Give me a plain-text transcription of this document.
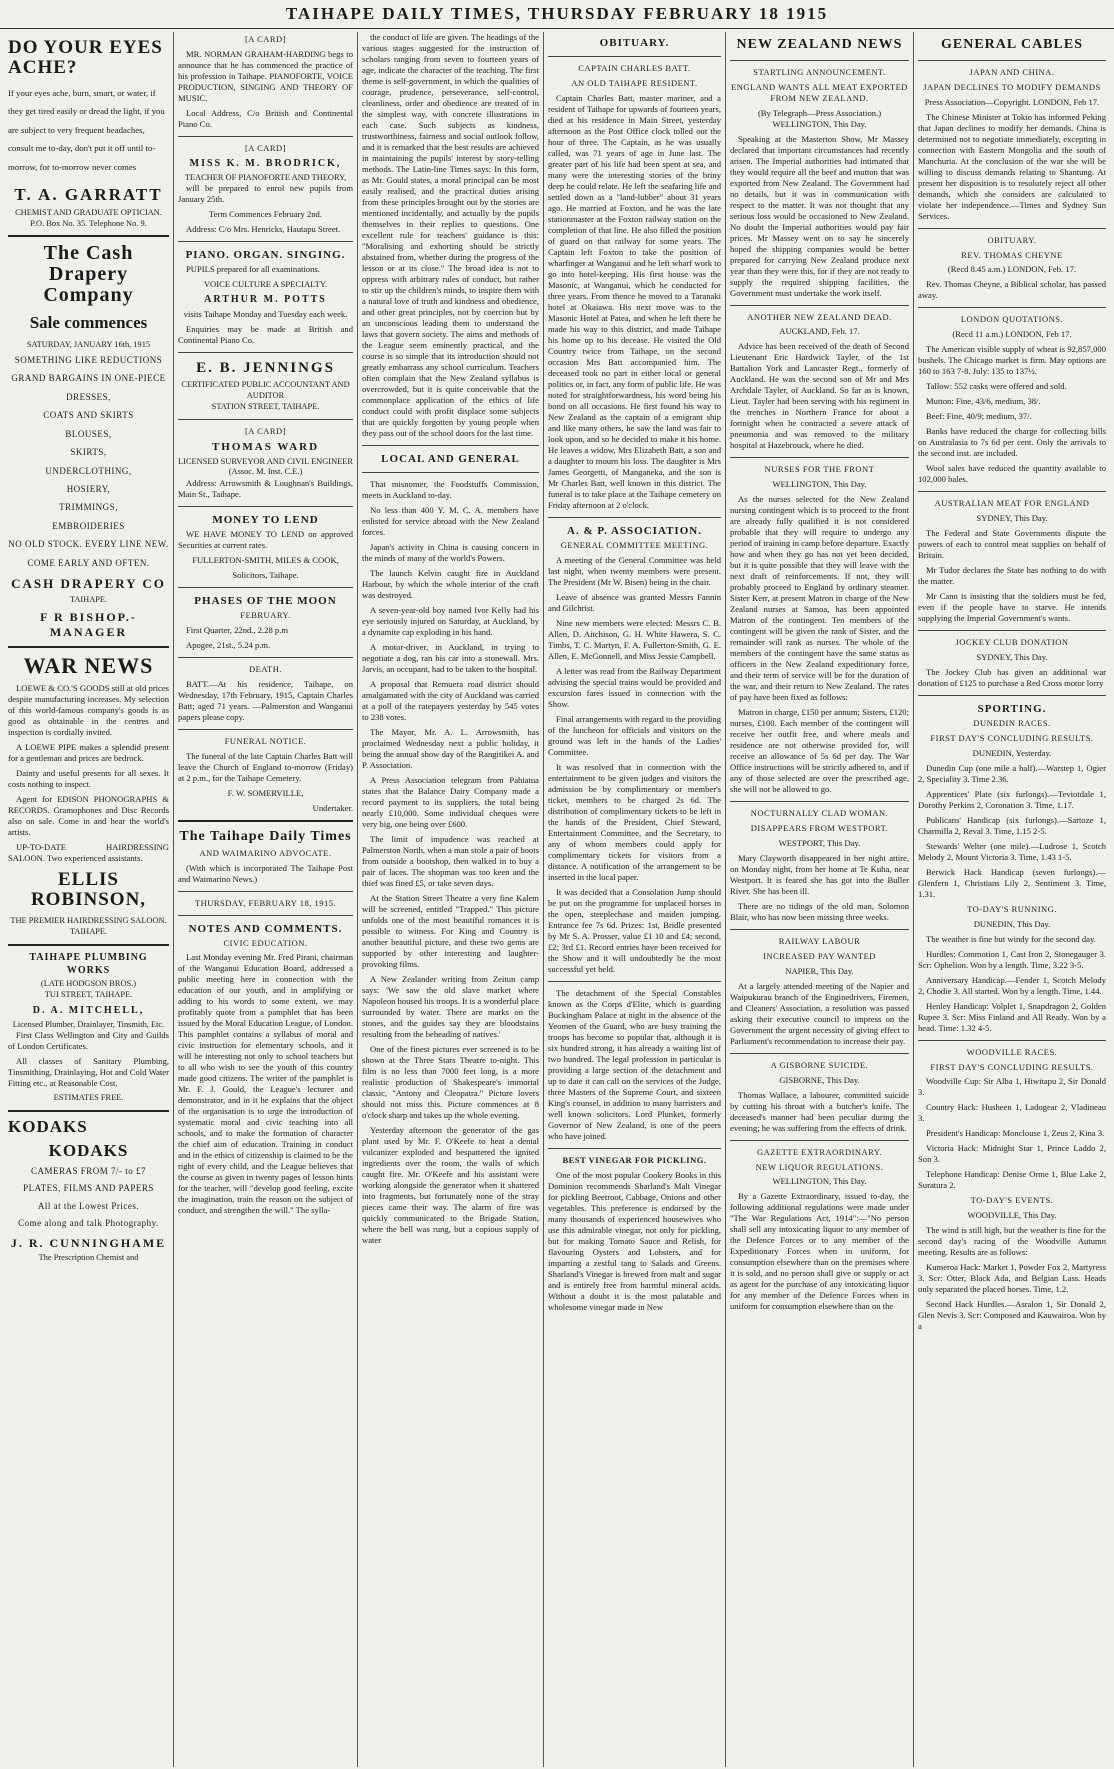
TAIHAPE DAILY TIMES, THURSDAY FEBRUARY 18 1915
DO YOUR EYES ACHE?
If your eyes ache, burn, smart, or water, if they get tired easily or dread the light, if you are subject to very frequent headaches, consult me to-day, don't put it off until to-morrow, for to-morrow never comes
T. A. GARRATT
CHEMIST AND GRADUATE OPTICIAN.
P.O. Box No. 35. Telephone No. 9.
The Cash Drapery Company
Sale commences
SATURDAY, JANUARY 16th, 1915
SOMETHING LIKE REDUCTIONS
GRAND BARGAINS IN ONE-PIECE DRESSES,
COATS AND SKIRTS
BLOUSES,
SKIRTS,
UNDERCLOTHING,
HOSIERY,
TRIMMINGS,
EMBROIDERIES
NO OLD STOCK. EVERY LINE NEW.
COME EARLY AND OFTEN.
CASH DRAPERY CO
TAIHAPE.
F R BISHOP.-MANAGER
WAR NEWS

LOEWE & CO.'S GOODS still at old prices despite manufacturing increases. My selection of this world-famous company's goods is as good as obtainable in the centres and inspection is cordially invited.

A LOEWE PIPE makes a splendid present for a gentleman and prices are bedrock.

Dainty and useful presents for all sexes. It costs nothing to inspect.

Agent for EDISON PHONOGRAPHS & RECORDS. Gramophones and Disc Records also on sale. Come in and hear the world's artists.

UP-TO-DATE HAIRDRESSING SALOON. Two experienced assistants.

ELLIS ROBINSON,
THE PREMIER HAIRDRESSING SALOON.
TAIHAPE.
TAIHAPE PLUMBING WORKS
(LATE HODGSON BROS.)
TUI STREET, TAIHAPE.
D. A. MITCHELL,
Licensed Plumber, Drainlayer, Tinsmith, Etc.

First Class Wellington and City and Guilds of London Certificates.

All classes of Sanitary Plumbing, Tinsmithing, Drainlaying, Hot and Cold Water Fitting etc., at Reasonable Cost.

ESTIMATES FREE.
KODAKS
KODAKS
CAMERAS FROM 7/- to £7
PLATES, FILMS AND PAPERS
All at the Lowest Prices.
Come along and talk Photography.
J. R. CUNNINGHAME
The Prescription Chemist and
[A CARD]

MR. NORMAN GRAHAM-HARDING begs to announce that he has commenced the practice of his profession in Taihape. PIANOFORTE, VOICE PRODUCTION, SINGING AND THEORY OF MUSIC.

Local Address, C/o British and Continental Piano Co.

[A CARD]
MISS K. M. BRODRICK,
TEACHER OF PIANOFORTE AND THEORY,

will be prepared to enrol new pupils from January 25th.

Term Commences February 2nd.

Address: C/o Mrs. Henricks, Hautapu Street.

PIANO. ORGAN. SINGING.

PUPILS prepared for all examinations.

VOICE CULTURE A SPECIALTY.

ARTHUR M. POTTS

visits Taihape Monday and Tuesday each week.

Enquiries may be made at British and Continental Piano Co.

E. B. JENNINGS
CERTIFICATED PUBLIC ACCOUNTANT AND AUDITOR
STATION STREET, TAIHAPE.
[A CARD]
THOMAS WARD
LICENSED SURVEYOR AND CIVIL ENGINEER
(Assoc. M. Inst. C.E.)

Address: Arrowsmith & Loughnan's Buildings, Main St., Taihape.

MONEY TO LEND

WE HAVE MONEY TO LEND on approved Securities at current rates.

FULLERTON-SMITH, MILES & COOK,

Solicitors, Taihape.

PHASES OF THE MOON
FEBRUARY.

First Quarter, 22nd., 2.28 p.m

Apogee, 21st., 5.24 p.m.

DEATH.

BATT.—At his residence, Taihape, on Wednesday, 17th February, 1915, Captain Charles Batt; aged 71 years. —Palmerston and Wanganui papers please copy.

FUNERAL NOTICE.

The funeral of the late Captain Charles Batt will leave the Church of England to-morrow (Friday) at 2 p.m., for the Taihape Cemetery.

F. W. SOMERVILLE,

Undertaker.

The Taihape Daily Times
AND WAIMARINO ADVOCATE.

(With which is incorporated The Taihape Post and Waimarino News.)

THURSDAY, FEBRUARY 18, 1915.
NOTES AND COMMENTS.
CIVIC EDUCATION.

Last Monday evening Mr. Fred Pirani, chairman of the Wanganui Education Board, addressed a public meeting here in connection with the education of our youth, and in amplifying or adding to his words to some extent, we may profitably quote from a pamphlet that has been issued by the Moral Education League, of London. This pamphlet contains a syllabus of moral and civic instruction for elementary schools, and it will be interesting not only to school teachers but to all who wish to see the youth of this country made good citizens. The writer of the pamphlet is Mr. F. J. Gould, the League's lecturer and demonstrator, and in it he explains that the object of the organisation is to urge the introduction of systematic moral and civic teaching into all schools, and to make the formation of character the chief aim of education. Training in conduct and in the ethics of citizenship is claimed to be the right of every child, and the League believes that the course as given in twenty pages of lesson hints for the teacher, will "develop good feeling, excite the imagination, train the reason on the subject of conduct, and strengthen the will." The sylla-

the conduct of life are given. The headings of the various stages suggested for the instruction of scholars ranging from seven to fourteen years of age, indicate the character of the teaching. The first theme is self-government, in which the qualities of courage, prudence, perseverance, self-control, cleanliness, order and obedience are treated of in the simplest way, with concrete illustrations in each case. Such subjects as kindness, trustworthiness, fairness and social outlook follow, and it is remarked that the best results are achieved in maintaining the pupils' interest by story-telling methods. The Latin-line Times says: In this form, as Mr. Gould states, a moral principal can be most easily realised, and the practical duties arising from these principles brought out by the stories are mentioned incidentally, and actually by the pupils themselves in their replies to questions. One excellent rule for teachers' guidance is this: "Moralising and exhorting should be strictly abstained from, whether during the progress of the lesson or at its close." The broad idea is not to oppress with arbitrary rules of conduct, but rather to stir up the children's minds, to inspire them with a natural love of truth and kindness and obedience, and other great principles, not by coercion but by an unconscious leading them to understand the laws that govern society. The aims and methods of the League seem eminently practical, and the course is so simple that its introduction should not greatly embarrass any school curriculum. Teachers often complain that the New Zealand syllabus is overcrowded, but it is quite conceivable that the commonplace application of the ethics of life conduct could with profit displace some subjects that are quickly forgotten by young people when they pass out of the school doors for the last time.

LOCAL AND GENERAL

That misnomer, the Foodstuffs Commission, meets in Auckland to-day.

No less than 400 Y. M. C. A. members have enlisted for service abroad with the New Zealand forces.

Japan's activity in China is causing concern in the minds of many of the world's Powers.

The launch Kelvin caught fire in Auckland Harbour, by which the whole interior of the craft was destroyed.

A seven-year-old boy named Ivor Kelly had his eye seriously injured on Saturday, at Auckland, by a dynamite cap exploding in his hand.

A motor-driver, in Auckland, in trying to negotiate a dog, ran his car into a stonewall. Mrs. Jarvis, an occupant, had to be taken to the hospital.

A proposal that Remuera road district should amalgamated with the city of Auckland was carried at a poll of the ratepayers yesterday by 545 votes to 238 votes.

The Mayor, Mr. A. L. Arrowsmith, has proclaimed Wednesday next a public holiday, it being the annual show day of the Rangitikei A. and P. Association.

A Press Association telegram from Pahiatua states that the Balance Dairy Company made a record payment to its suppliers, the total being nearly £10,000. Some individual cheques were very big, one being over £600.

The limit of impudence was reached at Palmerston North, when a man stole a pair of boots from outside a bootshop, then walked in to buy a pair of laces. The shopman was too keen and the thief was fined £5, or take seven days.

At the Station Street Theatre a very fine Kalem will be screened, entitled "Trapped." This picture unfolds one of the most beautiful romances it is possible to witness. For King and Country is another beautiful picture, and these two gems are supported by other interesting and laughter-provoking films.

A New Zealander writing from Zeitun camp says: 'We saw the old slave market where Napoleon housed his troops. It is a wonderful place surrounded by water. There are marks on the stones, and the guides say they are bloodstains resulting from the beheading of natives.'

One of the finest pictures ever screened is to be shown at the Three Stars Theatre to-night. This film is no less than 7000 feet long, is a more realistic production of Shakespeare's immortal classic, "Antony and Cleopatra." Picture lovers should not miss this. Picture commences at 8 o'clock sharp and takes up the whole evening.

Yesterday afternoon the generator of the gas plant used by Mr. F. O'Keefe to heat a dental vulcanizer exploded and bespattered the ignited ingredients over the room, the walls of which caught fire. Mr. O'Keefe and his assistant were working alongside the generator when it shattered into fragments, but fortunately none of the stray pieces came their way. The alarm of fire was quickly communicated to the Brigade Station, where the bell was rung, but a copious supply of water

OBITUARY.
CAPTAIN CHARLES BATT.
AN OLD TAIHAPE RESIDENT.

Captain Charles Batt, master mariner, and a resident of Taihape for upwards of fourteen years, died at his residence in Main Street, yesterday afternoon as the Post Office clock tolled out the hour of three. The Captain, as he was usually called, was 71 years of age in June last. The greater part of his life had been spent at sea, and many were the interesting stories of the briny deep he could relate. He left the seafaring life and settled down as a "land-lubber" about 31 years ago. He married at Foxton, and he was the late stationmaster at the Foxton railway station on the completion of that line. He also filled the position of guard on that railway for some years. The Captain left Foxton to take the position of wharfinger at Wanganui and he left wharf work to go into hotel-keeping. His first house was the Masonic, at Wanganui, which he conducted for three years. From thence he moved to a Taranaki hotel at Okaiawa. His next move was to the Masonic Hotel at Patea, and when he left there he made his way to this district, and made Taihape his home up to his decease. He visited the Old Country twice from Taihape, on the second occasion Mrs Batt accompanied him. The deceased took no part in either local or general politics or, in fact, any form of public life. He was noted for straightforwardness, his word being his bond on all occasions. He first found his way to New Zealand as the captain of a emigrant ship and like many others, he saw the land was fair to look upon, and so he decided to make it his home. He leaves a widow, Mrs Elizabeth Batt, a son and a daughter to mourn his loss. The daughter is Mrs James Georgetti, of Manganeka, and the son is Mr Charles Batt, well known in this district. The funeral is to take place at the Taihape cemetery on Friday afternoon at 2 o'clock.

A. & P. ASSOCIATION.
GENERAL COMMITTEE MEETING.

A meeting of the General Committee was held last night, when twenty members were present. The President (Mr W. Bisen) being in the chair.

Leave of absence was granted Messrs Fannin and Gilchrist.

Nine new members were elected: Messrs C. B. Allen, D. Aitchison, G. H. White Hawera, S. C. Timbs, T. C. Martyn, F. A. Fullerton-Smith, G. E. Allen, E. McGonnell, and Miss Jessie Campbell.

A letter was read from the Railway Department advising the special trains would be provided and excursion fares issued in connection with the Show.

Final arrangements with regard to the providing of the luncheon for officials and visitors on the ground was left in the hands of the Ladies' Committee.

It was resolved that in connection with the entertainment to be given judges and visitors the admission be by complimentary or member's ticket, members to be charged 2s 6d. The distribution of complimentary tickets to be left in the hands of the President, Chief Steward, Entertainment Committee, and the Secretary, to any of whom members could apply for complimentary tickets for visitors from a distance. A notification of the arrangement to be inserted in the local paper.

It was decided that a Consolation Jump should be put on the programme for unplaced horses in the open, steeplechase and maiden jumping. Entrance fee 7s 6d. Prizes: 1st, Bridle presented by Mr S. A. Prosser, value £1 10 and £4; second, £2; 3rd £1. Record entries have been received for the Show and it will undoubtedly be the most successful yet held.

The detachment of the Special Constables known as the Corps d'Elite, which is guarding Buckingham Palace at night in the absence of the Yeomen of the Guard, who are busy training the troops has become so popular that, although it is six hundred strong, it has already a waiting list of two hundred. The legal profession in particular is providing a large section of the detachment and up to date it can call on the services of the Judge, three Masters of the Supreme Court, and sixteen King's counsel, in addition to many barristers and well known solicitors. Lord Plunket, formerly Governor of New Zealand, is one of the peers who have joined.

BEST VINEGAR FOR PICKLING.

One of the most popular Cookery Books in this Dominion recommends Sharland's Malt Vinegar for pickling Beetroot, Cabbage, Onions and other vegetables. This preference is endorsed by the many thousands of experienced housewives who use this admirable vinegar, not only for pickling, but for making Tomato Sauce and Relish, for flavouring Oysters and Lobsters, and for imparting a zestful tang to Salads and Greens. Sharland's Vinegar is brewed from malt and sugar and is entirely free from harmful mineral acids. Without a doubt it is the most palatable and wholesome vinegar made in New

NEW ZEALAND NEWS
STARTLING ANNOUNCEMENT.
ENGLAND WANTS ALL MEAT EXPORTED FROM NEW ZEALAND.

(By Telegraph—Press Association.) WELLINGTON, This Day.

Speaking at the Masterton Show, Mr Massey declared that important circumstances had recently arisen. The Imperial authorities had intimated that they would require all the beef and mutton that was exported from New Zealand. The Government had no details, but it was in communication with respect to the matter. It was not thought that any serious loss would be occasioned to New Zealand. No doubt the Imperial authorities would pay fair prices. Mr Massey went on to say he sincerely hoped the shipping companies would be better prepared for carrying New Zealand produce next year than they were this, for if they are not ready to supply the required shipping facilities, the Government must undertake the work itself.

ANOTHER NEW ZEALAND DEAD.

AUCKLAND, Feb. 17.

Advice has been received of the death of Second Lieutenant Eric Hardwick Tayler, of the 1st Battalion York and Lancaster Regt., formerly of Auckland. He was the second son of Mr and Mrs Archdale Tayler, of Auckland. So far as is known, Lieut. Tayler had been serving with his regiment in the trenches in Northern France for about a fortnight when he contracted a severe attack of pneumonia and was removed to the military hospital at Hazebrouck, where he died.

NURSES FOR THE FRONT

WELLINGTON, This Day.

As the nurses selected for the New Zealand nursing contingent which is to proceed to the front are already fully qualified it is not considered probable that they will require to undergo any period of training in camp before departure. Exactly how and when they go has not yet been decided, but it is quite possible that they will leave with the next draft of reinforcements. If not, they will probably proceed to England by ordinary steamer. Sister Kerr, at present Matron in charge of the New Zealand nurses at Samoa, has been appointed Matron of the contingent. Ten members of the contingent will be given the rank of Sister, and the remainder will rank as nurses. The whole of the members of the contingent have the same status as officers in the New Zealand expeditionary force, and their term of service will be for the duration of the war, and their return to New Zealand. The rates of pay have been fixed as follows:

Matron in charge, £150 per annum; Sisters, £120; nurses, £100. Each member of the contingent will receive her outfit free, and where meals and residence are not otherwise provided for, will receive an allowance of 5s 6d per day. The War Office instructions will be strictly adhered to, and if any of those selected are over the prescribed age, she will not be allowed to go.

NOCTURNALLY CLAD WOMAN.
DISAPPEARS FROM WESTPORT.

WESTPORT, This Day.

Mary Clayworth disappeared in her night attire, on Monday night, from her home at Te Kuha, near Westport. It is feared she has got into the Buller River. She has been ill.

There are no tidings of the old man, Solomon Blair, who has now been missing three weeks.

RAILWAY LABOUR
INCREASED PAY WANTED

NAPIER, This Day.

At a largely attended meeting of the Napier and Waipukurau branch of the Enginedrivers, Firemen, and Cleaners' Association, a resolution was passed asking their executive council to impress on the Government the urgent necessity of giving effect to Parliament's recommendation to increase their pay.

A GISBORNE SUICIDE.

GISBORNE, This Day.

Thomas Wallace, a labourer, committed suicide by cutting his throat with a butcher's knife. The deceased's manner had been peculiar during the evening; he was suffering from the effects of drink.

GAZETTE EXTRAORDINARY.
NEW LIQUOR REGULATIONS.

WELLINGTON, This Day.

By a Gazette Extraordinary, issued to-day, the following additional regulations were made under "The War Regulations Act, 1914":—"No person shall sell any intoxicating liquor to any member of the Defence Forces or to any member of the Expeditionary Forces when in uniform, for consumption elsewhere than on the premises where it is sold, and no person shall give or supply or act as agent for the purchase of any intoxicating liquor for any member of the Defence Forces when in uniform for consumption elsewhere than on the

GENERAL CABLES
JAPAN AND CHINA.
JAPAN DECLINES TO MODIFY DEMANDS

Press Association—Copyright. LONDON, Feb 17.

The Chinese Minister at Tokio has informed Peking that Japan declines to modify her demands. China is determined not to negotiate immediately, excepting in connection with Eastern Mongolia and the south of Manchuria. At the conclusion of the war she will be willing to discuss demands relating to Shantung. At present her disposition is to resolutely reject all other demands, which she considers are calculated to violate her independence.—Times and Sydney Sun Services.

OBITUARY.
REV. THOMAS CHEYNE

(Recd 8.45 a.m.) LONDON, Feb. 17.

Rev. Thomas Cheyne, a Biblical scholar, has passed away.

LONDON QUOTATIONS.

(Recd 11 a.m.) LONDON, Feb 17.

The American visible supply of wheat is 92,857,000 bushels. The Chicago market is firm. May options are 160 to 163 7-8. July: 135 to 137½.

Tallow: 552 casks were offered and sold.

Mutton: Fine, 43/6, medium, 38/.

Beef: Fine, 40/9; medium, 37/.

Banks have reduced the charge for collecting bills on Australasia to 7s 6d per cent. Only the arrivals to the second inst. are included.

Wool sales have reduced the quantity available to 102,000 bales.

AUSTRALIAN MEAT FOR ENGLAND

SYDNEY, This Day.

The Federal and State Governments dispute the powers of each to control meat supplies on behalf of Britain.

Mr Tudor declares the State has nothing to do with the matter.

Mr Cann is insisting that the soldiers must be fed, even if the people have to starve. He intends supplying the Imperial Government's wants.

JOCKEY CLUB DONATION

SYDNEY, This Day.

The Jockey Club has given an additional war donation of £125 to purchase a Red Cross motor lorry

SPORTING.
DUNEDIN RACES.
FIRST DAY'S CONCLUDING RESULTS.

DUNEDIN, Yesterday.

Dunedin Cup (one mile a half).—Warstep 1, Ogier 2, Speciality 3. Time 2.36.

Apprentices' Plate (six furlongs).—Teviotdale 1, Dorothy Perkins 2, Coronation 3. Time, 1.17.

Publicans' Handicap (six furlongs).—Sartoze 1, Charmilla 2, Reval 3. Time, 1.15 2-5.

Stewards' Welter (one mile).—Ludrose 1, Scotch Melody 2, Mount Victoria 3. Time, 1.43 1-5.

Berwick Hack Handicap (seven furlongs).—Glenfern 1, Christians Lily 2, Sentiment 3. Time, 1.31.

TO-DAY'S RUNNING.

DUNEDIN, This Day.

The weather is fine but windy for the second day.

Hurdles: Commotion 1, Cast Iron 2, Stonegauger 3. Scr: Ophelion. Won by a length. Time, 3.22 3-5.

Anniversary Handicap.—Fender 1, Scotch Melody 2, Chodie 3. All started. Won by a length. Time, 1.44.

Henley Handicap: Volplet 1, Snapdragon 2, Golden Rupee 3. Scr: Miss Finland and All Ready. Won by a head. Time: 1.32 4-5.

WOODVILLE RACES.
FIRST DAY'S CONCLUDING RESULTS.

Woodville Cup: Sir Alba 1, Hiwitapu 2, Sir Donald 3.

Country Hack: Husheen 1, Ladogear 2, Vladineau 3.

President's Handicap: Monclouse 1, Zeus 2, Kina 3.

Victoria Hack: Midnight Star 1, Prince Laddo 2, Son 3.

Telephone Handicap: Denise Orme 1, Blue Lake 2, Suratura 2.

TO-DAY'S EVENTS.

WOODVILLE, This Day.

The wind is still high, but the weather is fine for the second day's racing of the Woodville Autumn meeting. Results are as follows:

Kumeroa Hack: Market 1, Powder Fox 2, Martyress 3. Scr: Otter, Black Ada, and Belgian Lass. Heads only separated the placed horses. Time, 1.2.

Second Hack Hurdles.—Asralon 1, Sir Donald 2, Glen Nevis 3. Scr: Composed and Kauwairoa. Won by a
